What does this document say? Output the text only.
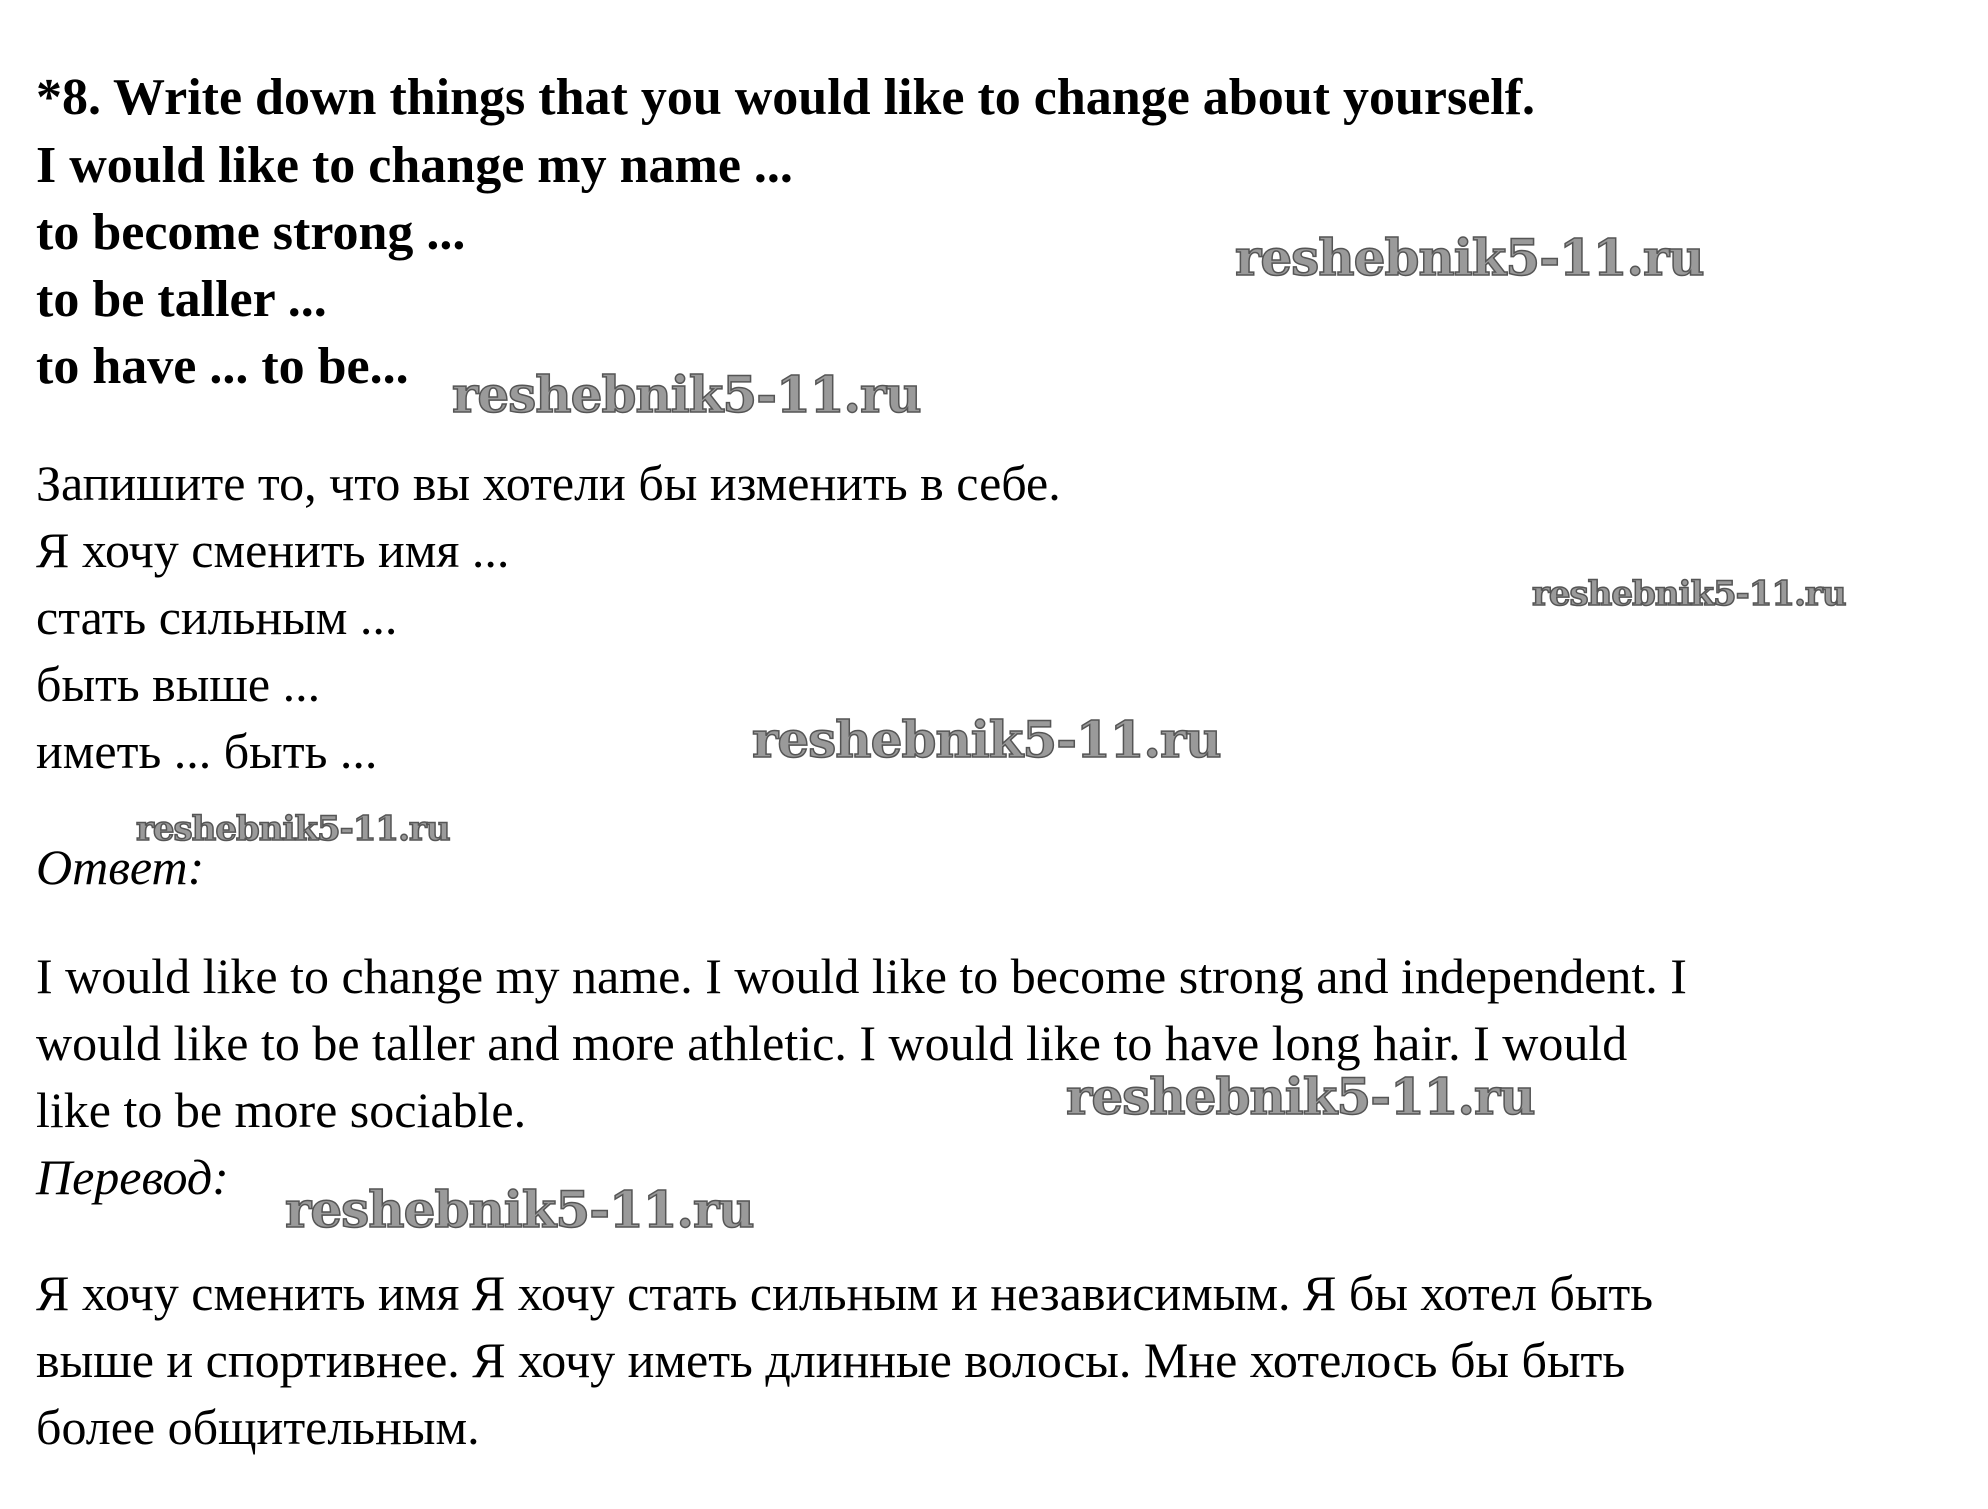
*8. Write down things that you would like to change about yourself.
I would like to change my name ...
to become strong ...
to be taller ...
to have ... to be...
Запишите то, что вы хотели бы изменить в себе.
Я хочу сменить имя ...
стать сильным ...
быть выше ...
иметь ... быть ...
Ответ:
I would like to change my name. I would like to become strong and independent. I
would like to be taller and more athletic. I would like to have long hair. I would
like to be more sociable.
Перевод:
Я хочу сменить имя Я хочу стать сильным и независимым. Я бы хотел быть
выше и спортивнее. Я хочу иметь длинные волосы. Мне хотелось бы быть
более общительным.
reshebnik5-11.ru
reshebnik5-11.ru
reshebnik5-11.ru
reshebnik5-11.ru
reshebnik5-11.ru
reshebnik5-11.ru
reshebnik5-11.ru
